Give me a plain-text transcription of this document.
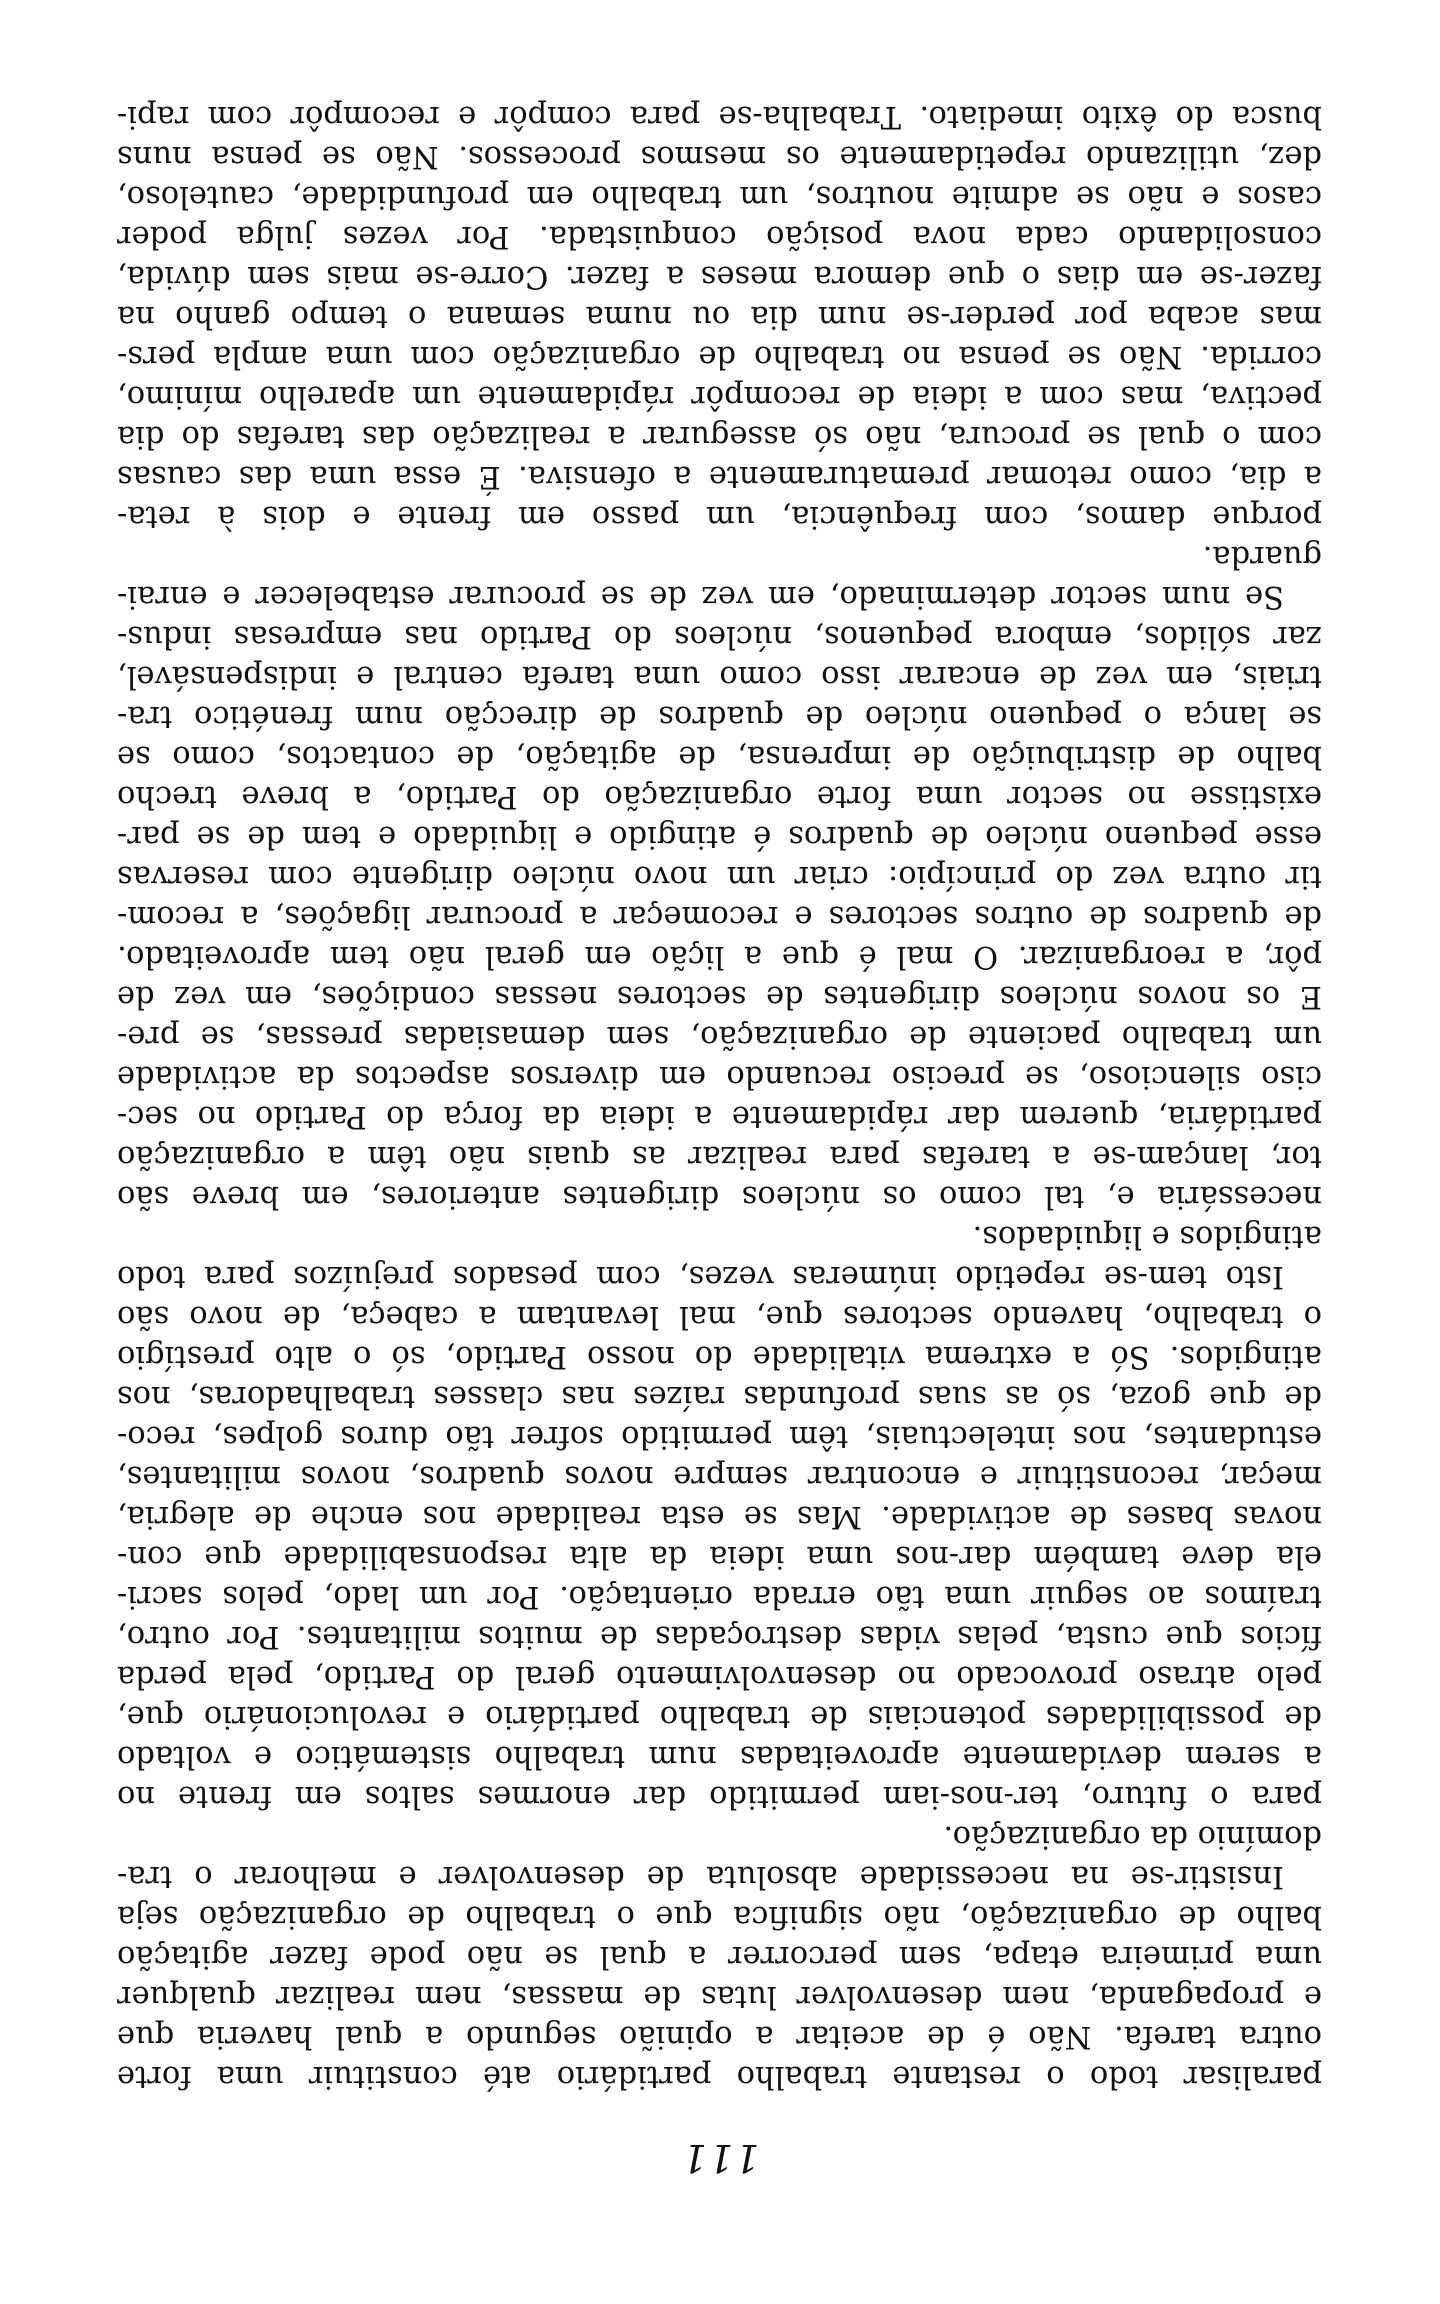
111
paralisar todo o restante trabalho partidário até constituir uma forte
outra tarefa. Não é de aceitar a opinião segundo a qual haveria que
e propaganda, nem desenvolver lutas de massas, nem realizar qualquer
uma primeira etapa, sem percorrer a qual se não pode fazer agitação
balho de organização, não significa que o trabalho de organização seja
Insistir-se na necessidade absoluta de desenvolver e melhorar o tra-
domínio da organização.
para o futuro, ter-nos-iam permitido dar enormes saltos em frente no
a serem devidamente aproveitadas num trabalho sistemático e voltado
de possibilidades potenciais de trabalho partidário e revolucionário que,
pelo atraso provocado no desenvolvimento geral do Partido, pela perda
fícios que custa, pelas vidas destroçadas de muitos militantes. Por outro,
traímos ao seguir uma tão errada orientação. Por um lado, pelos sacri-
ela deve também dar-nos uma ideia da alta responsabilidade que con-
novas bases de actividade. Mas se esta realidade nos enche de alegria,
meçar, reconstituir e encontrar sempre novos quadros, novos militantes,
estudantes, nos intelectuais, têm permitido sofrer tão duros golpes, reco-
de que goza, só as suas profundas raízes nas classes trabalhadoras, nos
atingidos. Só a extrema vitalidade do nosso Partido, só o alto prestígio
o trabalho, havendo sectores que, mal levantam a cabeça, de novo são
Isto tem-se repetido inúmeras vezes, com pesados prejuízos para todo
atingidos e liquidados.
necessária e, tal como os núcleos dirigentes anteriores, em breve são
tor, lançam-se a tarefas para realizar as quais não têm a organização
partidária, querem dar rápidamente a ideia da força do Partido no sec-
ciso silencioso, se preciso recuando em diversos aspectos da actividade
um trabalho paciente de organização, sem demasiadas pressas, se pre-
E os novos núcleos dirigentes de sectores nessas condições, em vez de
pôr, a reorganizar. O mal é que a lição em geral não tem aproveitado.
de quadros de outros sectores e recomeçar a procurar ligações, a recom-
tir outra vez do princípio: criar um novo núcleo dirigente com reservas
esse pequeno núcleo de quadros é atingido e liquidado e tem de se par-
existisse no sector uma forte organização do Partido, a breve trecho
balho de distribuição de imprensa, de agitação, de contactos, como se
se lança o pequeno núcleo de quadros de direcção num frenético tra-
triais, em vez de encarar isso como uma tarefa central e indispensável,
zar sólidos, embora pequenos, núcleos do Partido nas empresas indus-
Se num sector determinado, em vez de se procurar estabelecer e enrai-
guarda.
porque damos, com frequência, um passo em frente e dois à reta-
a dia, como retomar prematuramente a ofensiva. É essa uma das causas
com o qual se procura, não só assegurar a realização das tarefas do dia
pectiva, mas com a ideia de recompôr rápidamente um aparelho mínimo,
corrida. Não se pensa no trabalho de organização com uma ampla pers-
mas acaba por perder-se num dia ou numa semana o tempo ganho na
fazer-se em dias o que demora meses a fazer. Corre-se mais sem dúvida,
consolidando cada nova posição conquistada. Por vezes julga poder
casos e não se admite noutros, um trabalho em profundidade, cauteloso,
dez, utilizando repetidamente os mesmos processos. Não se pensa nuns
busca do êxito imediato. Trabalha-se para compôr e recompôr com rapi-
